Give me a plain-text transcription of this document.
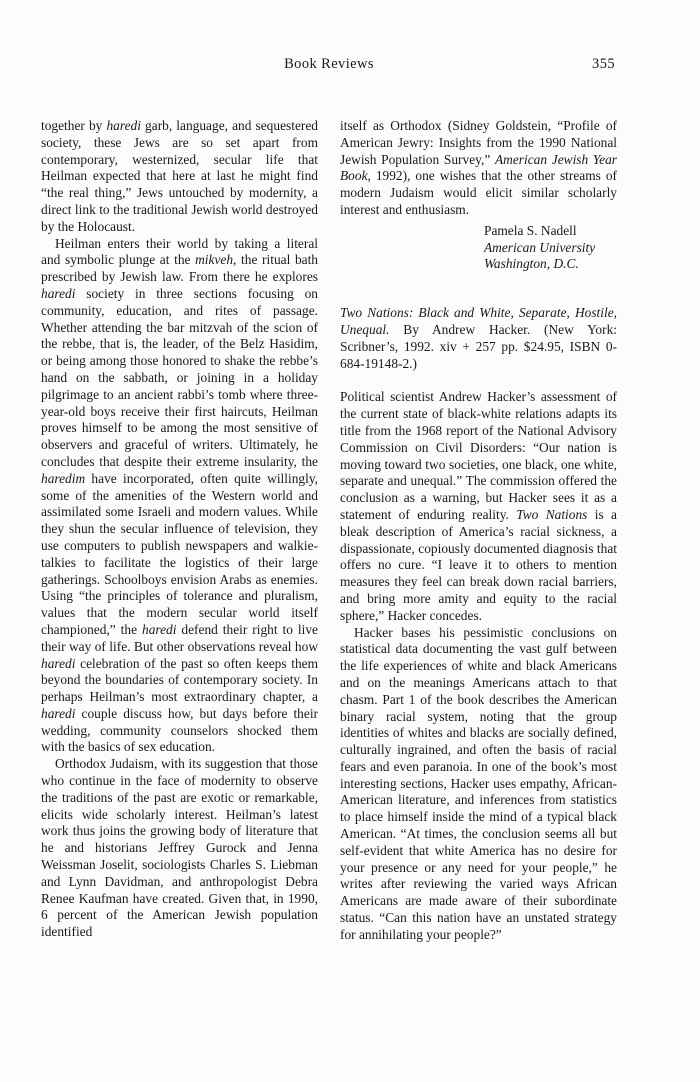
Book Reviews	355

together by haredi garb, language, and sequestered society, these Jews are so set apart from contemporary, westernized, secular life that Heilman expected that here at last he might find “the real thing,” Jews untouched by modernity, a direct link to the traditional Jewish world destroyed by the Holocaust.

Heilman enters their world by taking a literal and symbolic plunge at the mikveh, the ritual bath prescribed by Jewish law. From there he explores haredi society in three sections focusing on community, education, and rites of passage. Whether attending the bar mitzvah of the scion of the rebbe, that is, the leader, of the Belz Hasidim, or being among those honored to shake the rebbe’s hand on the sabbath, or joining in a holiday pilgrimage to an ancient rabbi’s tomb where three-year-old boys receive their first haircuts, Heilman proves himself to be among the most sensitive of observers and graceful of writers. Ultimately, he concludes that despite their extreme insularity, the haredim have incorporated, often quite willingly, some of the amenities of the Western world and assimilated some Israeli and modern values. While they shun the secular influence of television, they use computers to publish newspapers and walkie-talkies to facilitate the logistics of their large gatherings. Schoolboys envision Arabs as enemies. Using “the principles of tolerance and pluralism, values that the modern secular world itself championed,” the haredi defend their right to live their way of life. But other observations reveal how haredi celebration of the past so often keeps them beyond the boundaries of contemporary society. In perhaps Heilman’s most extraordinary chapter, a haredi couple discuss how, but days before their wedding, community counselors shocked them with the basics of sex education.

Orthodox Judaism, with its suggestion that those who continue in the face of modernity to observe the traditions of the past are exotic or remarkable, elicits wide scholarly interest. Heilman’s latest work thus joins the growing body of literature that he and historians Jeffrey Gurock and Jenna Weissman Joselit, sociologists Charles S. Liebman and Lynn Davidman, and anthropologist Debra Renee Kaufman have created. Given that, in 1990, 6 percent of the American Jewish population identified

itself as Orthodox (Sidney Goldstein, “Profile of American Jewry: Insights from the 1990 National Jewish Population Survey,” American Jewish Year Book, 1992), one wishes that the other streams of modern Judaism would elicit similar scholarly interest and enthusiasm.

Pamela S. Nadell
American University
Washington, D.C.

Two Nations: Black and White, Separate, Hostile, Unequal. By Andrew Hacker. (New York: Scribner’s, 1992. xiv + 257 pp. $24.95, ISBN 0-684-19148-2.)

Political scientist Andrew Hacker’s assessment of the current state of black-white relations adapts its title from the 1968 report of the National Advisory Commission on Civil Disorders: “Our nation is moving toward two societies, one black, one white, separate and unequal.” The commission offered the conclusion as a warning, but Hacker sees it as a statement of enduring reality. Two Nations is a bleak description of America’s racial sickness, a dispassionate, copiously documented diagnosis that offers no cure. “I leave it to others to mention measures they feel can break down racial barriers, and bring more amity and equity to the racial sphere,” Hacker concedes.

Hacker bases his pessimistic conclusions on statistical data documenting the vast gulf between the life experiences of white and black Americans and on the meanings Americans attach to that chasm. Part 1 of the book describes the American binary racial system, noting that the group identities of whites and blacks are socially defined, culturally ingrained, and often the basis of racial fears and even paranoia. In one of the book’s most interesting sections, Hacker uses empathy, African-American literature, and inferences from statistics to place himself inside the mind of a typical black American. “At times, the conclusion seems all but self-evident that white America has no desire for your presence or any need for your people,” he writes after reviewing the varied ways African Americans are made aware of their subordinate status. “Can this nation have an unstated strategy for annihilating your people?”
